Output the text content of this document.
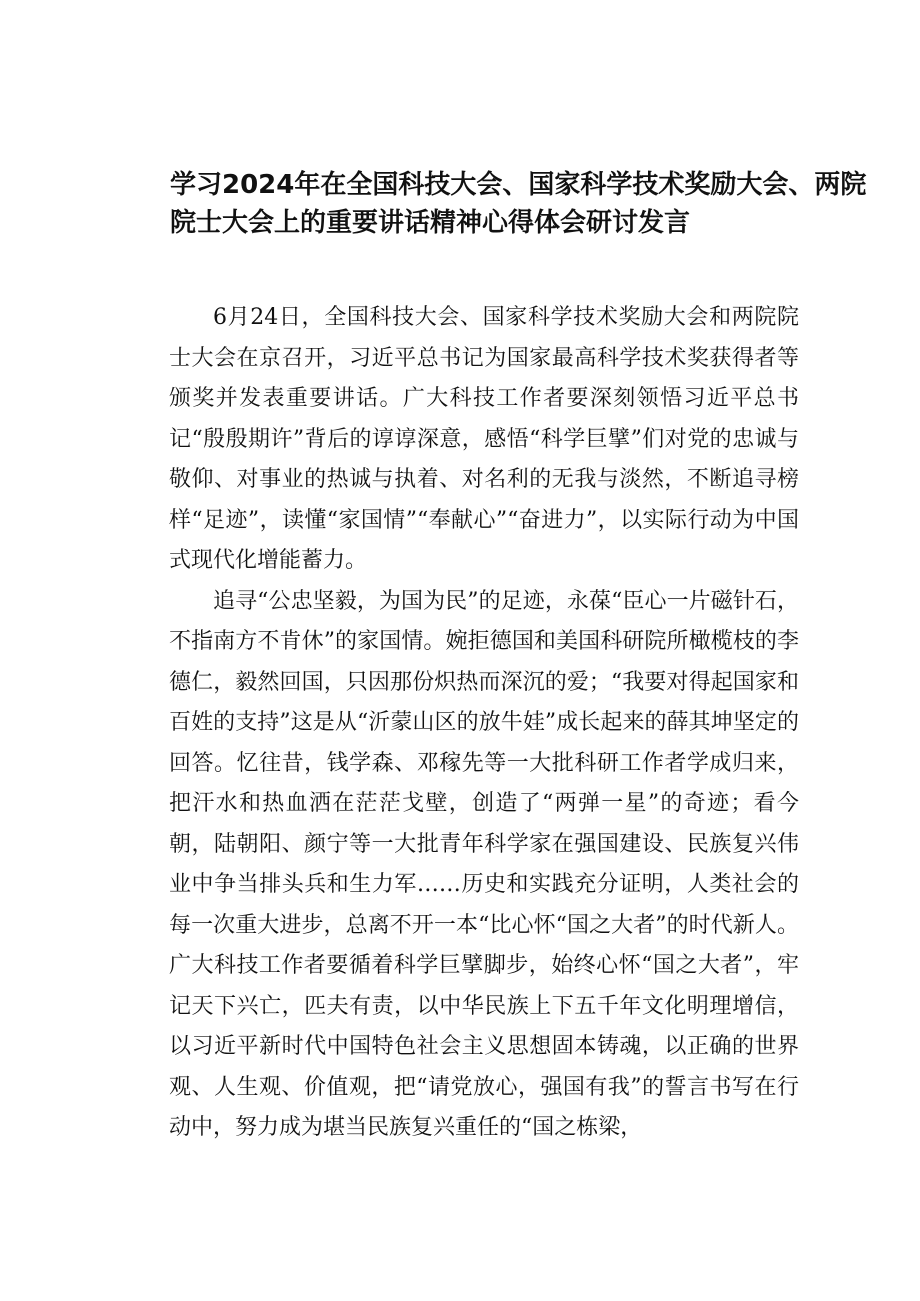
学习2024年在全国科技大会、国家科学技术奖励大会、两院
院士大会上的重要讲话精神心得体会研讨发言

6月24日，全国科技大会、国家科学技术奖励大会和两院院士大会在京召开，习近平总书记为国家最高科学技术奖获得者等颁奖并发表重要讲话。广大科技工作者要深刻领悟习近平总书记“殷殷期许”背后的谆谆深意，感悟“科学巨擘”们对党的忠诚与敬仰、对事业的热诚与执着、对名利的无我与淡然，不断追寻榜样“足迹”，读懂“家国情”“奉献心”“奋进力”，以实际行动为中国式现代化增能蓄力。

追寻“公忠坚毅，为国为民”的足迹，永葆“臣心一片磁针石，不指南方不肯休”的家国情。婉拒德国和美国科研院所橄榄枝的李德仁，毅然回国，只因那份炽热而深沉的爱；“我要对得起国家和百姓的支持”这是从“沂蒙山区的放牛娃”成长起来的薛其坤坚定的回答。忆往昔，钱学森、邓稼先等一大批科研工作者学成归来，把汗水和热血洒在茫茫戈壁，创造了“两弹一星”的奇迹；看今朝，陆朝阳、颜宁等一大批青年科学家在强国建设、民族复兴伟业中争当排头兵和生力军……历史和实践充分证明，人类社会的每一次重大进步，总离不开一本“比心怀“国之大者”的时代新人。广大科技工作者要循着科学巨擘脚步，始终心怀“国之大者”，牢记天下兴亡，匹夫有责，以中华民族上下五千年文化明理增信，以习近平新时代中国特色社会主义思想固本铸魂，以正确的世界观、人生观、价值观，把“请党放心，强国有我”的誓言书写在行动中，努力成为堪当民族复兴重任的“国之栋梁，
